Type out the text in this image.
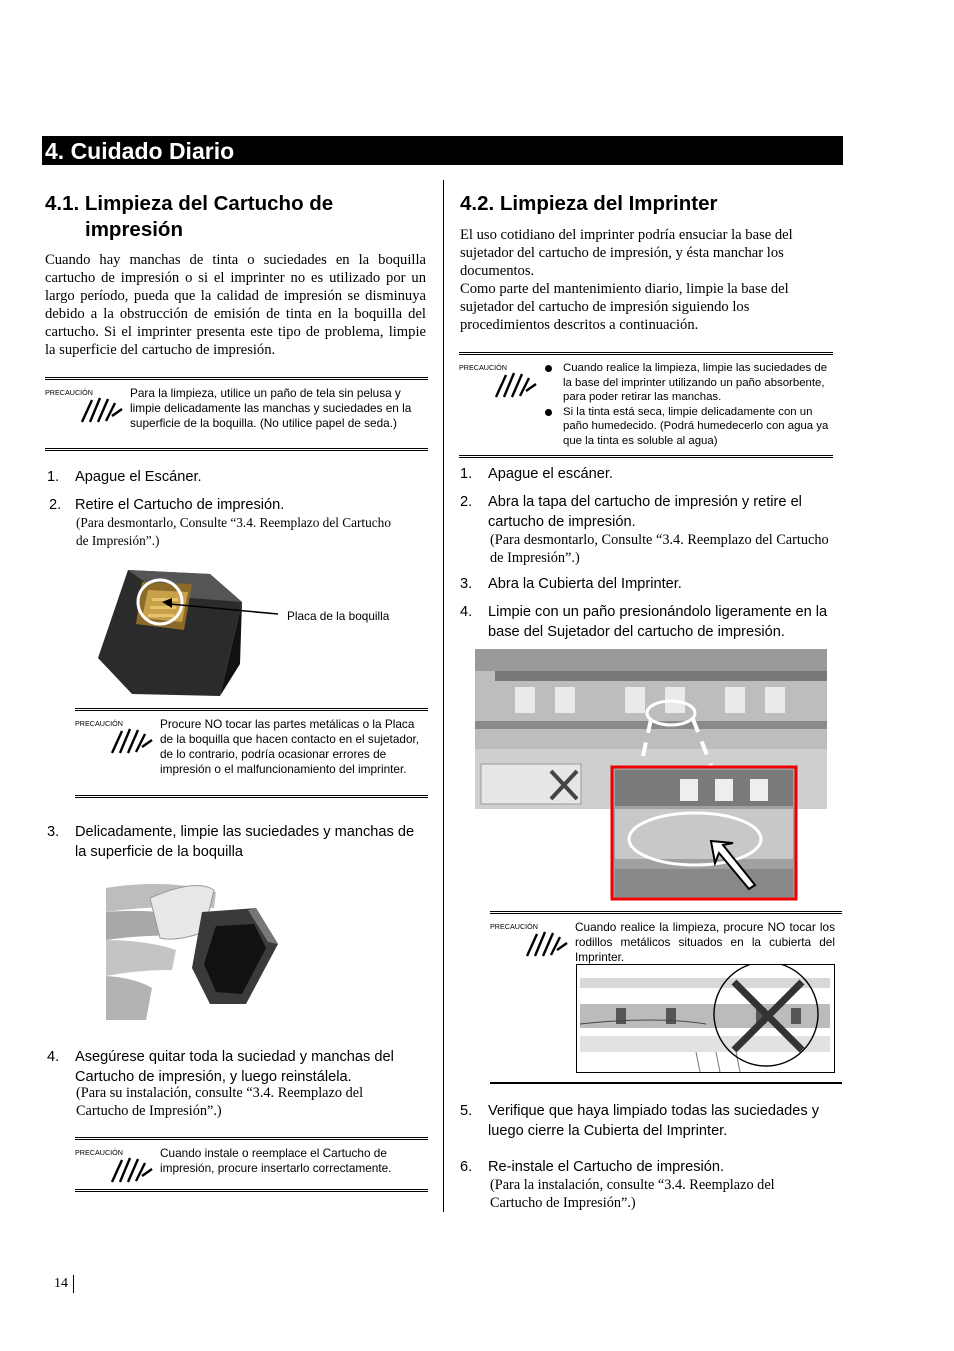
4. Cuidado Diario
4.1. Limpieza del Cartucho de
impresión
Cuando hay manchas de tinta o suciedades en la boquilla cartucho de impresión o si el imprinter no es utilizado por un largo período, pueda que la calidad de impresión se disminuya debido a la obstrucción de emisión de tinta en la boquilla del cartucho. Si el imprinter presenta este tipo de problema, limpie la superficie del cartucho de impresión.
PRECAUCIÓN	Para la limpieza, utilice un paño de tela sin pelusa y limpie delicadamente las manchas y suciedades en la superficie de la boquilla. (No utilice papel de seda.)
1. Apague el Escáner.
2. Retire el Cartucho de impresión.
(Para desmontarlo, Consulte “3.4. Reemplazo del Cartucho de Impresión”.)
Placa de la boquilla
PRECAUCIÓN	Procure NO tocar las partes metálicas o la Placa de la boquilla que hacen contacto en el sujetador, de lo contrario, podría ocasionar errores de impresión o el malfuncionamiento del imprinter.
3. Delicadamente, limpie las suciedades y manchas de la superficie de la boquilla
4. Asegúrese quitar toda la suciedad y manchas del Cartucho de impresión, y luego reinstálela.
(Para su instalación, consulte “3.4. Reemplazo del Cartucho de Impresión”.)
PRECAUCIÓN	Cuando instale o reemplace el Cartucho de impresión, procure insertarlo correctamente.
4.2. Limpieza del Imprinter
El uso cotidiano del imprinter podría ensuciar la base del sujetador del cartucho de impresión, y ésta manchar los documentos.
Como parte del mantenimiento diario, limpie la base del sujetador del cartucho de impresión siguiendo los procedimientos descritos a continuación.
PRECAUCIÓN	Cuando realice la limpieza, limpie las suciedades de la base del imprinter utilizando un paño absorbente, para poder retirar las manchas.
Si la tinta está seca, limpie delicadamente con un paño humedecido. (Podrá humedecerlo con agua ya que la tinta es soluble al agua)
1. Apague el escáner.
2. Abra la tapa del cartucho de impresión y retire el cartucho de impresión.
(Para desmontarlo, Consulte “3.4. Reemplazo del Cartucho de Impresión”.)
3. Abra la Cubierta del Imprinter.
4. Limpie con un paño presionándolo ligeramente en la base del Sujetador del cartucho de impresión.
PRECAUCIÓN	Cuando realice la limpieza, procure NO tocar los rodillos metálicos situados en la cubierta del Imprinter.
5. Verifique que haya limpiado todas las suciedades y luego cierre la Cubierta del Imprinter.
6. Re-instale el Cartucho de impresión.
(Para la instalación, consulte “3.4. Reemplazo del Cartucho de Impresión”.)
14
